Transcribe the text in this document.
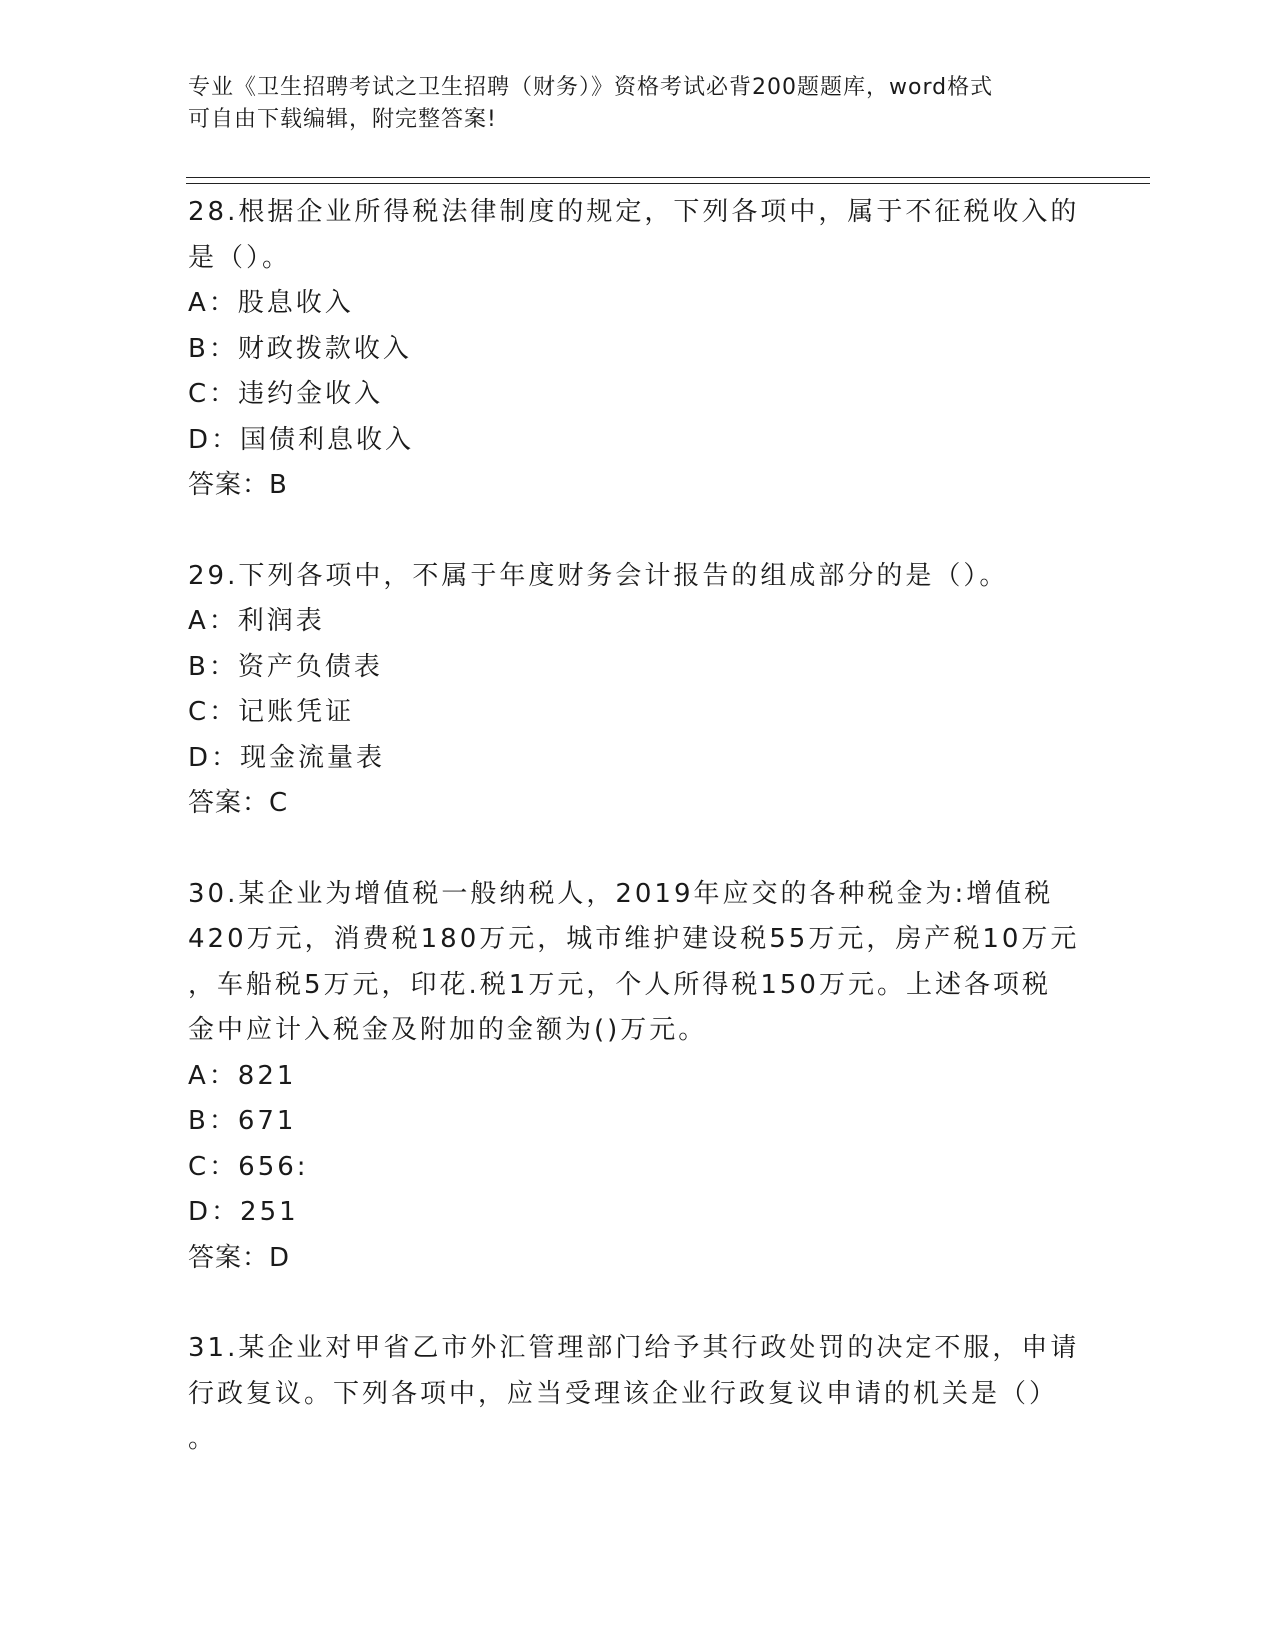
专业《卫生招聘考试之卫生招聘（财务）》资格考试必背200题题库，word格式
可自由下载编辑，附完整答案!

28.根据企业所得税法律制度的规定，下列各项中，属于不征税收入的

是（）。

A：股息收入
B：财政拨款收入
C：违约金收入
D：国债利息收入

答案：B

29.下列各项中，不属于年度财务会计报告的组成部分的是（）。

A：利润表
B：资产负债表
C：记账凭证
D：现金流量表

答案：C

30.某企业为增值税一般纳税人，2019年应交的各种税金为:增值税

420万元，消费税180万元，城市维护建设税55万元，房产税10万元

，车船税5万元，印花.税1万元，个人所得税150万元。上述各项税

金中应计入税金及附加的金额为()万元。

A：821
B：671
C：656:
D：251

答案：D

31.某企业对甲省乙市外汇管理部门给予其行政处罚的决定不服，申请

行政复议。下列各项中，应当受理该企业行政复议申请的机关是（）

。
